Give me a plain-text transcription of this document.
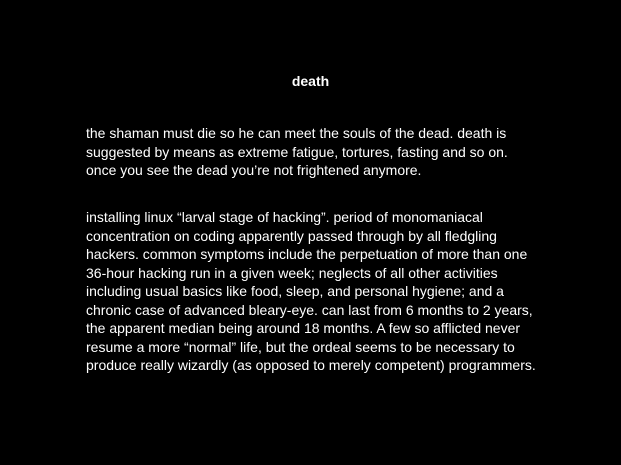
death

the shaman must die so he can meet the souls of the dead. death is suggested by means as extreme fatigue, tortures, fasting and so on. once you see the dead you’re not frightened anymore.

installing linux “larval stage of hacking”. period of monomaniacal concentration on coding apparently passed through by all fledgling hackers. common symptoms include the perpetuation of more than one 36-hour hacking run in a given week; neglects of all other activities including usual basics like food, sleep, and personal hygiene; and a chronic case of advanced bleary-eye. can last from 6 months to 2 years, the apparent median being around 18 months. A few so afflicted never resume a more “normal” life, but the ordeal seems to be necessary to produce really wizardly (as opposed to merely competent) programmers.
